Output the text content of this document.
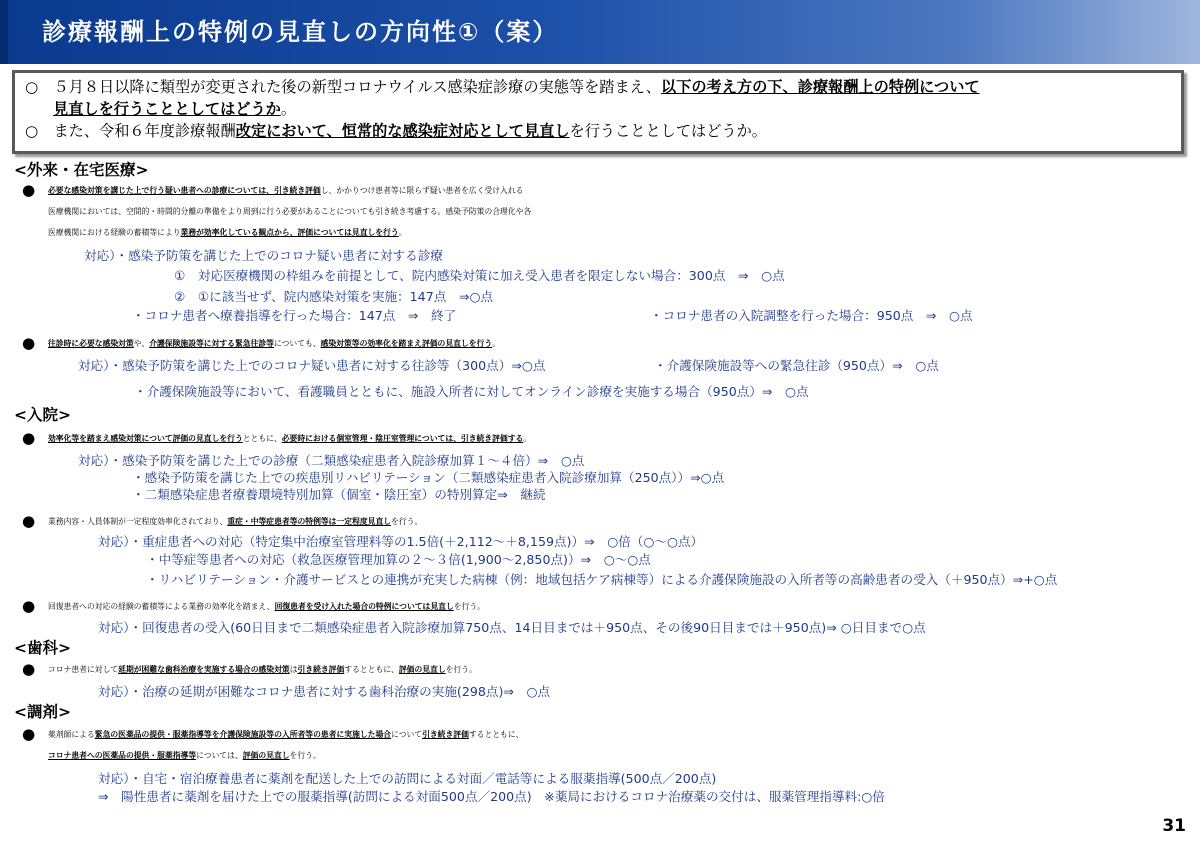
診療報酬上の特例の見直しの方向性①（案）

○　５月８日以降に類型が変更された後の新型コロナウイルス感染症診療の実態等を踏まえ、以下の考え方の下、診療報酬上の特例について

見直しを行うこととしてはどうか。

○　また、令和６年度診療報酬改定において、恒常的な感染症対応として見直しを行うこととしてはどうか。

<外来・在宅医療>
● 必要な感染対策を講じた上で行う疑い患者への診療については、引き続き評価し、かかりつけ患者等に限らず疑い患者を広く受け入れる
医療機関においては、空間的・時間的分離の準備をより周到に行う必要があることについても引き続き考慮する。感染予防策の合理化や各
医療機関における経験の蓄積等により業務が効率化している観点から、評価については見直しを行う。
対応）・感染予防策を講じた上でのコロナ疑い患者に対する診療
①　対応医療機関の枠組みを前提として、院内感染対策に加え受入患者を限定しない場合：300点　⇒　○点
②　①に該当せず、院内感染対策を実施：147点　⇒○点
・コロナ患者へ療養指導を行った場合：147点　⇒　終了	・コロナ患者の入院調整を行った場合：950点　⇒　○点
● 往診時に必要な感染対策や、介護保険施設等に対する緊急往診等についても、感染対策等の効率化を踏まえ評価の見直しを行う。
対応）・感染予防策を講じた上でのコロナ疑い患者に対する往診等（300点）⇒○点	・介護保険施設等への緊急往診（950点）⇒　○点
・介護保険施設等において、看護職員とともに、施設入所者に対してオンライン診療を実施する場合（950点）⇒　○点
<入院>
● 効率化等を踏まえ感染対策について評価の見直しを行うとともに、必要時における個室管理・陰圧室管理については、引き続き評価する。
対応）・感染予防策を講じた上での診療（二類感染症患者入院診療加算１～４倍）⇒　○点
・感染予防策を講じた上での疾患別リハビリテーション（二類感染症患者入院診療加算（250点））⇒○点
・二類感染症患者療養環境特別加算（個室・陰圧室）の特別算定⇒　継続
● 業務内容・人員体制が一定程度効率化されており、重症・中等症患者等の特例等は一定程度見直しを行う。
対応）・重症患者への対応（特定集中治療室管理料等の1.5倍(＋2,112～＋8,159点)）⇒　○倍（○～○点）
・中等症等患者への対応（救急医療管理加算の２～３倍(1,900～2,850点)）⇒　○～○点
・リハビリテーション・介護サービスとの連携が充実した病棟（例：地域包括ケア病棟等）による介護保険施設の入所者等の高齢患者の受入（＋950点）⇒+○点
● 回復患者への対応の経験の蓄積等による業務の効率化を踏まえ、回復患者を受け入れた場合の特例については見直しを行う。
対応）・回復患者の受入(60日目まで二類感染症患者入院診療加算750点、14日目までは＋950点、その後90日目までは＋950点)⇒ ○日目まで○点
<歯科>
● コロナ患者に対して延期が困難な歯科治療を実施する場合の感染対策は引き続き評価するとともに、評価の見直しを行う。
対応）・治療の延期が困難なコロナ患者に対する歯科治療の実施(298点)⇒　○点
<調剤>
● 薬剤師による緊急の医薬品の提供・服薬指導等を介護保険施設等の入所者等の患者に実施した場合について引き続き評価するとともに、
コロナ患者への医薬品の提供・服薬指導等については、評価の見直しを行う。
対応）・自宅・宿泊療養患者に薬剤を配送した上での訪問による対面／電話等による服薬指導(500点／200点)
⇒　陽性患者に薬剤を届けた上での服薬指導(訪問による対面500点／200点)　※薬局におけるコロナ治療薬の交付は、服薬管理指導料:○倍
31
